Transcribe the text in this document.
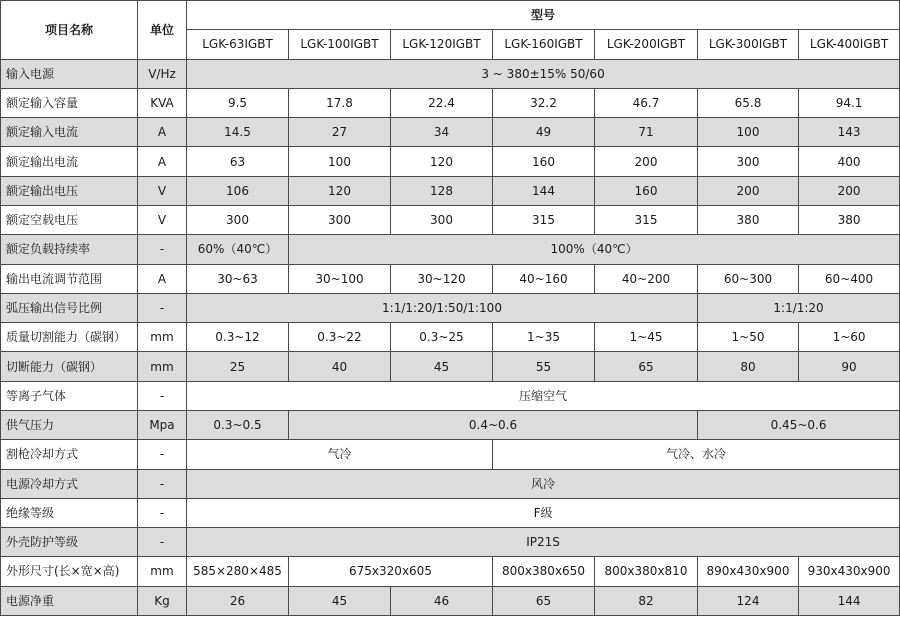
项目名称	单位	型号						
		LGK-63IGBT	LGK-100IGBT	LGK-120IGBT	LGK-160IGBT	LGK-200IGBT	LGK-300IGBT	LGK-400IGBT
输入电源	V/Hz	3 ~ 380±15% 50/60						
额定输入容量	KVA	9.5	17.8	22.4	32.2	46.7	65.8	94.1
额定输入电流	A	14.5	27	34	49	71	100	143
额定输出电流	A	63	100	120	160	200	300	400
额定输出电压	V	106	120	128	144	160	200	200
额定空载电压	V	300	300	300	315	315	380	380
额定负载持续率	-	60%（40℃）	100%（40℃）					
输出电流调节范围	A	30~63	30~100	30~120	40~160	40~200	60~300	60~400
弧压输出信号比例	-	1:1/1:20/1:50/1:100					1:1/1:20	
质量切割能力（碳钢）	mm	0.3~12	0.3~22	0.3~25	1~35	1~45	1~50	1~60
切断能力（碳钢）	mm	25	40	45	55	65	80	90
等离子气体	-	压缩空气						
供气压力	Mpa	0.3~0.5	0.4~0.6				0.45~0.6	
割枪冷却方式	-	气冷			气冷、水冷			
电源冷却方式	-	风冷						
绝缘等级	-	F级						
外壳防护等级	-	IP21S						
外形尺寸(长×宽×高)	mm	585×280×485	675x320x605		800x380x650	800x380x810	890x430x900	930x430x900
电源净重	Kg	26	45	46	65	82	124	144
